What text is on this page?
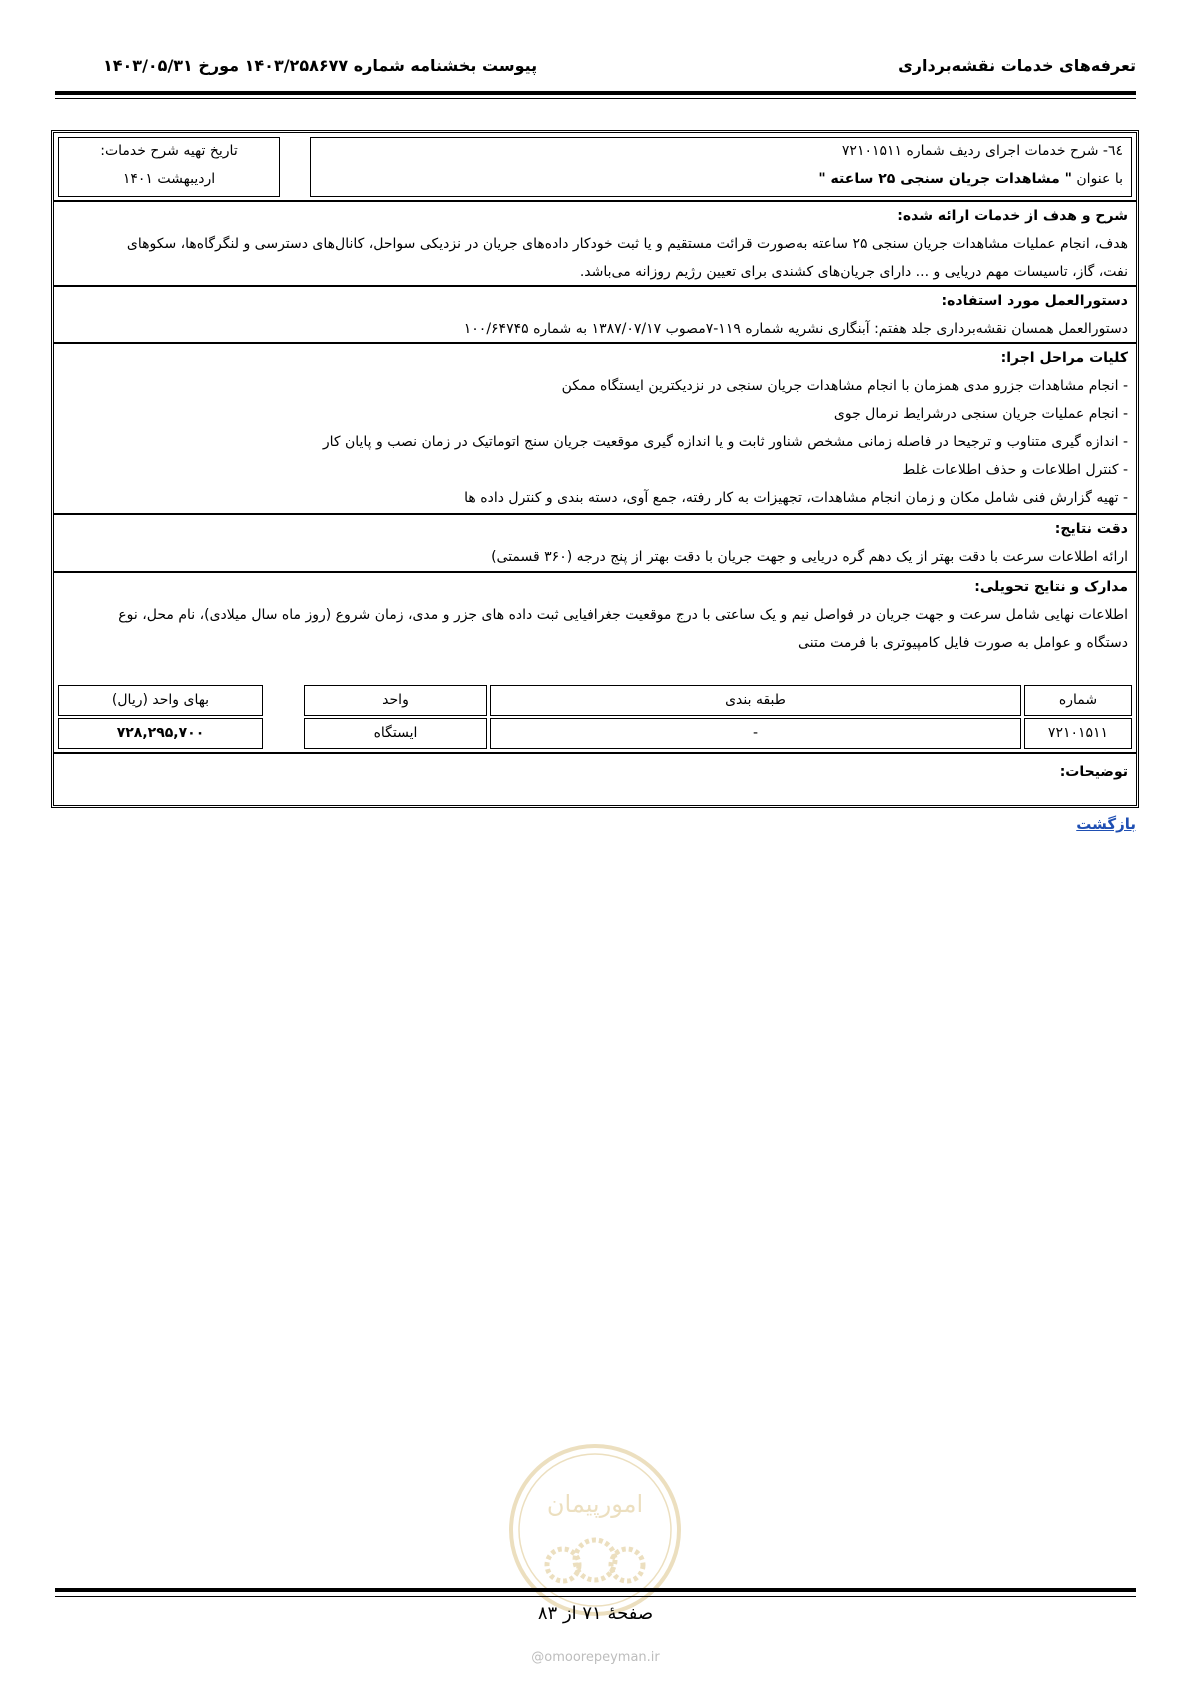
تعرفه‌های خدمات نقشه‌برداری
پیوست بخشنامه شماره ۱۴۰۳/۲۵۸۶۷۷ مورخ ۱۴۰۳/۰۵/۳۱
٦٤- شرح خدمات اجرای ردیف شماره ۷۲۱۰۱۵۱۱
با عنوان " مشاهدات جریان سنجی ۲۵ ساعته "
تاریخ تهیه شرح خدمات:
اردیبهشت ۱۴۰۱
شرح و هدف از خدمات ارائه شده:
هدف، انجام عملیات مشاهدات جریان سنجی ۲۵ ساعته به‌صورت قرائت مستقیم و یا ثبت خودکار داده‌های جریان در نزدیکی سواحل، کانال‌های دسترسی و لنگرگاه‌ها، سکوهای
نفت، گاز، تاسیسات مهم دریایی و ... دارای جریان‌های کشندی برای تعیین رژیم روزانه می‌باشد.
دستورالعمل مورد استفاده:
دستورالعمل همسان نقشه‌برداری جلد هفتم: آبنگاری نشریه شماره ۱۱۹-۷مصوب ۱۳۸۷/۰۷/۱۷ به شماره ۱۰۰/۶۴۷۴۵
کلیات مراحل اجرا:
- انجام مشاهدات جزرو مدی همزمان با انجام مشاهدات جریان سنجی در نزدیکترین ایستگاه ممکن
- انجام عملیات جریان سنجی درشرایط نرمال جوی
- اندازه گیری متناوب و ترجیحا در فاصله زمانی مشخص شناور ثابت و یا اندازه گیری موقعیت جریان سنج اتوماتیک در زمان نصب و پایان کار
- کنترل اطلاعات و حذف اطلاعات غلط
- تهیه گزارش فنی شامل مکان و زمان انجام مشاهدات، تجهیزات به کار رفته، جمع آوی، دسته بندی و کنترل داده ها
دقت نتایج:
ارائه اطلاعات سرعت با دقت بهتر از یک دهم گره دریایی و جهت جریان با دقت بهتر از پنج درجه (۳۶۰ قسمتی)
مدارک و نتایج تحویلی:
اطلاعات نهایی شامل سرعت و جهت جریان در فواصل نیم و یک ساعتی با درج موقعیت جغرافیایی ثبت داده های جزر و مدی، زمان شروع (روز ماه سال میلادی)، نام محل، نوع
دستگاه و عوامل به صورت فایل کامپیوتری با فرمت متنی
شماره
طبقه بندی
واحد
بهای واحد (ریال)
۷۲۱۰۱۵۱۱
-
ایستگاه
۷۲۸,۲۹۵,۷۰۰
توضیحات:
بازگشت
امورپیمان
صفحۀ ۷۱ از ۸۳
@omoorepeyman.ir
